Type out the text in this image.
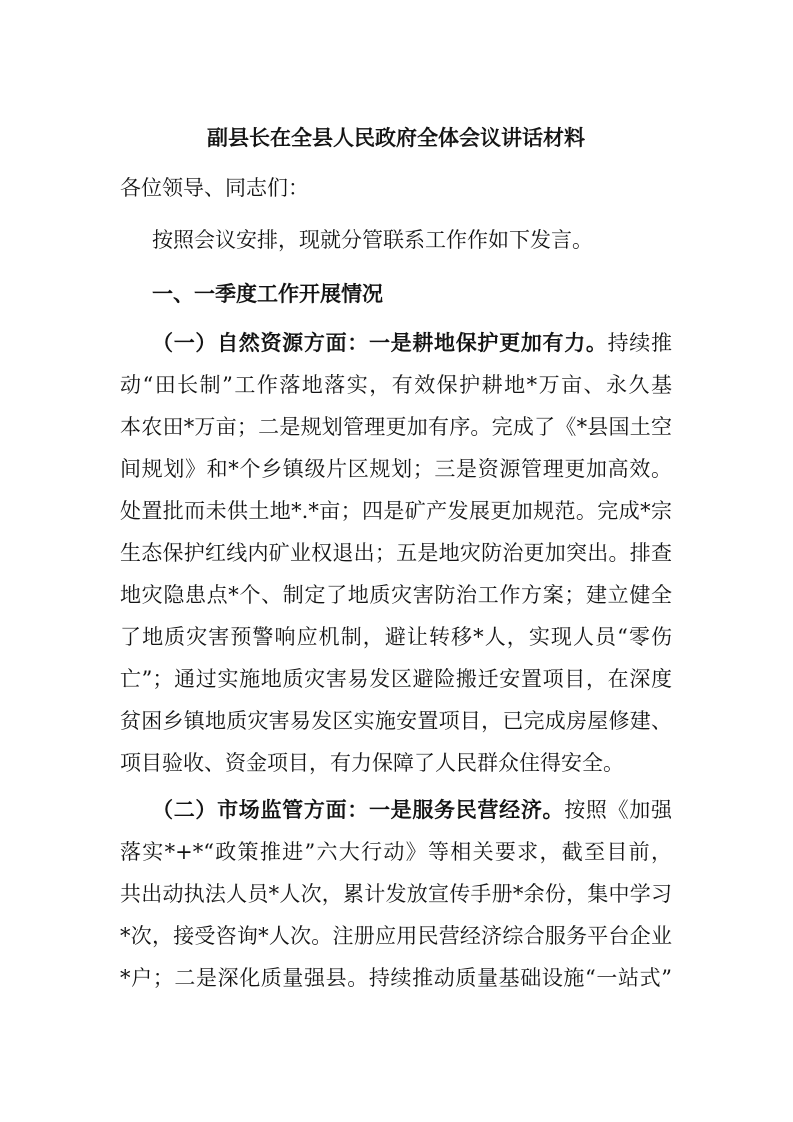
副县长在全县人民政府全体会议讲话材料
各位领导、同志们：
按照会议安排，现就分管联系工作作如下发言。
一、一季度工作开展情况
（一）自然资源方面：一是耕地保护更加有力。持续推
动“田长制”工作落地落实，有效保护耕地*万亩、永久基
本农田*万亩；二是规划管理更加有序。完成了《*县国土空
间规划》和*个乡镇级片区规划；三是资源管理更加高效。
处置批而未供土地*.*亩；四是矿产发展更加规范。完成*宗
生态保护红线内矿业权退出；五是地灾防治更加突出。排查
地灾隐患点*个、制定了地质灾害防治工作方案；建立健全
了地质灾害预警响应机制，避让转移*人，实现人员“零伤
亡”；通过实施地质灾害易发区避险搬迁安置项目，在深度
贫困乡镇地质灾害易发区实施安置项目，已完成房屋修建、
项目验收、资金项目，有力保障了人民群众住得安全。
（二）市场监管方面：一是服务民营经济。按照《加强
落实*+*“政策推进”六大行动》等相关要求，截至目前，
共出动执法人员*人次，累计发放宣传手册*余份，集中学习
*次，接受咨询*人次。注册应用民营经济综合服务平台企业
*户；二是深化质量强县。持续推动质量基础设施“一站式”
